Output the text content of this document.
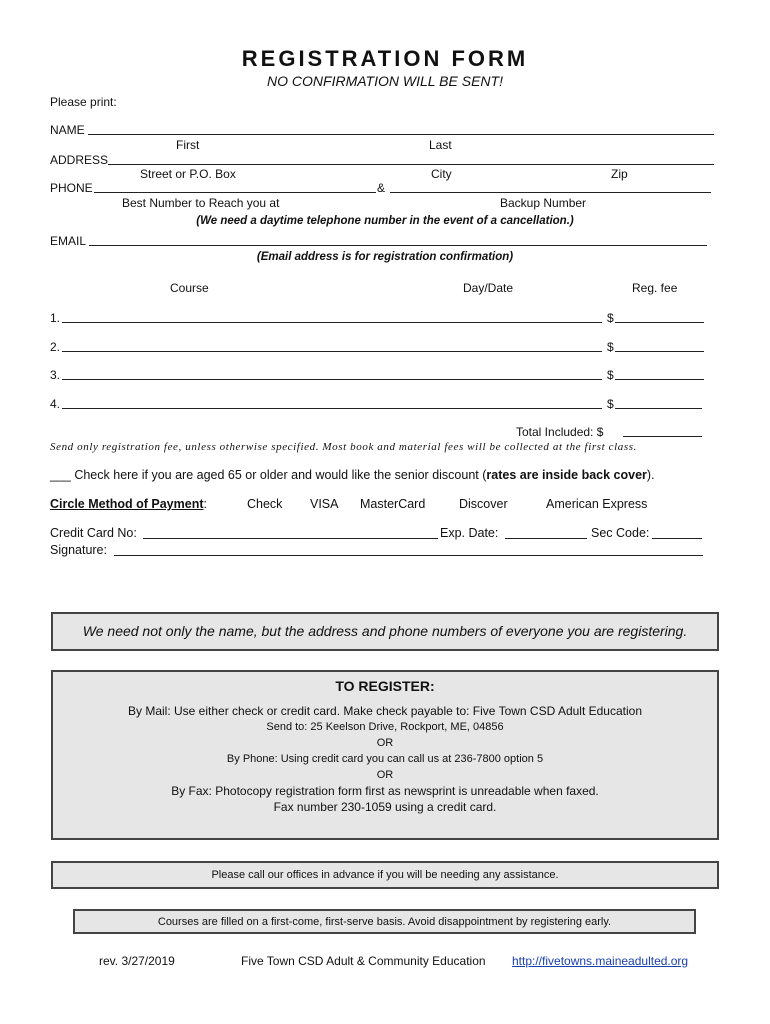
REGISTRATION FORM
NO CONFIRMATION WILL BE SENT!
Please print:
NAME
First	Last
ADDRESS
Street or P.O. Box	City	Zip
PHONE	&
Best Number to Reach you at	Backup Number
(We need a daytime telephone number in the event of a cancellation.)
EMAIL
(Email address is for registration confirmation)
Course	Day/Date	Reg. fee
1.	$
2.	$
3.	$
4.	$
Total Included: $
Send only registration fee, unless otherwise specified. Most book and material fees will be collected at the first class.
___ Check here if you are aged 65 or older and would like the senior discount (rates are inside back cover).
Circle Method of Payment:	Check VISA MasterCard	Discover	American Express
Credit Card No:	Exp. Date:	Sec Code:
Signature:
We need not only the name, but the address and phone numbers of everyone you are registering.
TO REGISTER:
By Mail: Use either check or credit card. Make check payable to: Five Town CSD Adult Education
Send to: 25 Keelson Drive, Rockport, ME, 04856
OR
By Phone: Using credit card you can call us at 236-7800 option 5
OR
By Fax: Photocopy registration form first as newsprint is unreadable when faxed.
Fax number 230-1059 using a credit card.
Please call our offices in advance if you will be needing any assistance.
Courses are filled on a first-come, first-serve basis. Avoid disappointment by registering early.
rev. 3/27/2019	Five Town CSD Adult & Community Education http://fivetowns.maineadulted.org
